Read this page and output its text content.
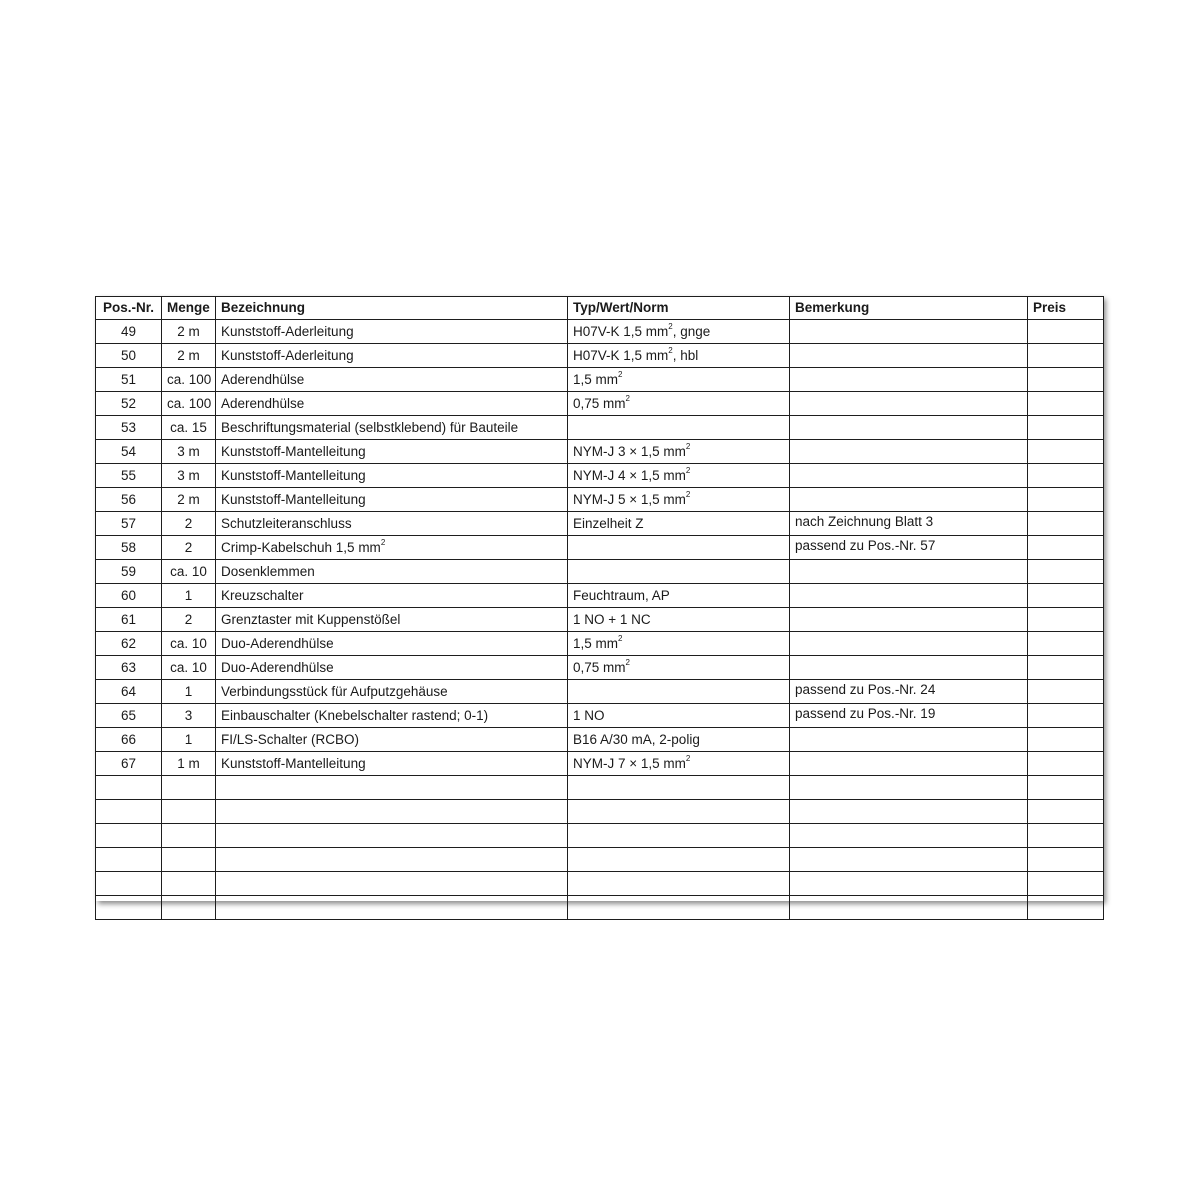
Pos.-Nr.	Menge	Bezeichnung	Typ/Wert/Norm	Bemerkung	Preis
49	2 m	Kunststoff-Aderleitung	H07V-K 1,5 $mm^2$, gnge		
50	2 m	Kunststoff-Aderleitung	H07V-K 1,5 $mm^2$, hbl		
51	ca. 100	Aderendhülse	1,5 $mm^2$		
52	ca. 100	Aderendhülse	0,75 $mm^2$		
53	ca. 15	Beschriftungsmaterial (selbstklebend) für Bauteile			
54	3 m	Kunststoff-Mantelleitung	NYM-J 3 × 1,5 $mm^2$		
55	3 m	Kunststoff-Mantelleitung	NYM-J 4 × 1,5 $mm^2$		
56	2 m	Kunststoff-Mantelleitung	NYM-J 5 × 1,5 $mm^2$		
57	2	Schutzleiteranschluss	Einzelheit Z	nach Zeichnung Blatt 3	
58	2	Crimp-Kabelschuh 1,5 $mm^2$		passend zu Pos.-Nr. 57	
59	ca. 10	Dosenklemmen			
60	1	Kreuzschalter	Feuchtraum, AP		
61	2	Grenztaster mit Kuppenstößel	1 NO + 1 NC		
62	ca. 10	Duo-Aderendhülse	1,5 $mm^2$		
63	ca. 10	Duo-Aderendhülse	0,75 $mm^2$		
64	1	Verbindungsstück für Aufputzgehäuse		passend zu Pos.-Nr. 24	
65	3	Einbauschalter (Knebelschalter rastend; 0-1)	1 NO	passend zu Pos.-Nr. 19	
66	1	FI/LS-Schalter (RCBO)	B16 A/30 mA, 2-polig		
67	1 m	Kunststoff-Mantelleitung	NYM-J 7 × 1,5 $mm^2$		
